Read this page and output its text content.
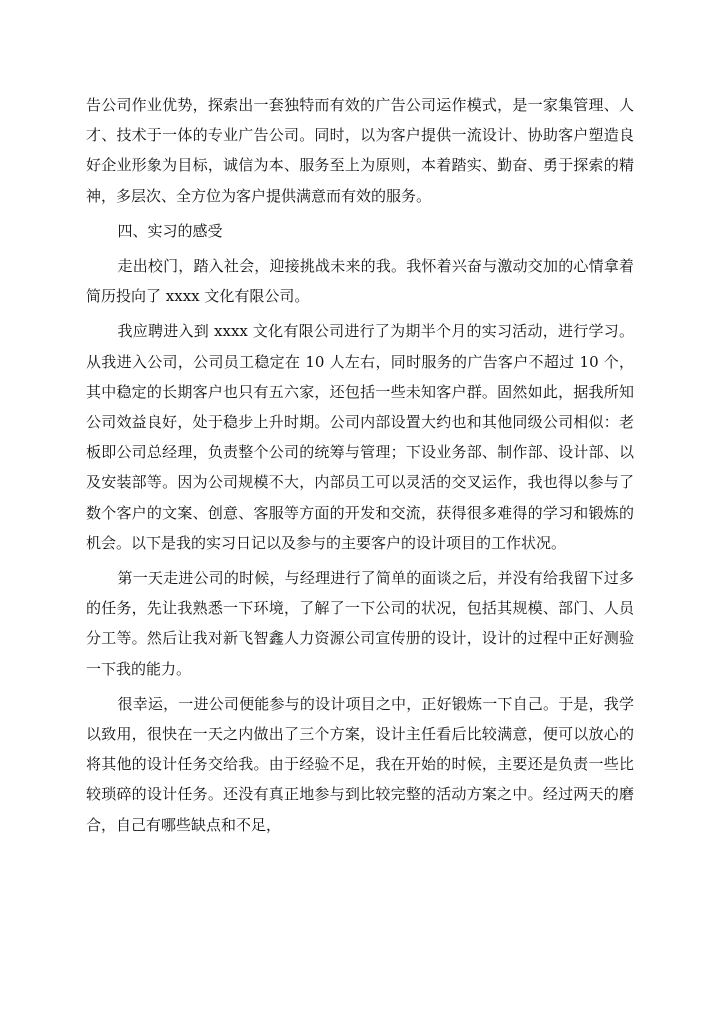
告公司作业优势，探索出一套独特而有效的广告公司运作模式，是一家集管理、人才、技术于一体的专业广告公司。同时，以为客户提供一流设计、协助客户塑造良好企业形象为目标，诚信为本、服务至上为原则，本着踏实、勤奋、勇于探索的精神，多层次、全方位为客户提供满意而有效的服务。

四、实习的感受

走出校门，踏入社会，迎接挑战未来的我。我怀着兴奋与激动交加的心情拿着简历投向了 xxxx 文化有限公司。

我应聘进入到 xxxx 文化有限公司进行了为期半个月的实习活动，进行学习。从我进入公司，公司员工稳定在 10 人左右，同时服务的广告客户不超过 10 个，其中稳定的长期客户也只有五六家，还包括一些未知客户群。固然如此，据我所知公司效益良好，处于稳步上升时期。公司内部设置大约也和其他同级公司相似：老板即公司总经理，负责整个公司的统筹与管理；下设业务部、制作部、设计部、以及安装部等。因为公司规模不大，内部员工可以灵活的交叉运作，我也得以参与了数个客户的文案、创意、客服等方面的开发和交流，获得很多难得的学习和锻炼的机会。以下是我的实习日记以及参与的主要客户的设计项目的工作状况。

第一天走进公司的时候，与经理进行了简单的面谈之后，并没有给我留下过多的任务，先让我熟悉一下环境，了解了一下公司的状况，包括其规模、部门、人员分工等。然后让我对新飞智鑫人力资源公司宣传册的设计，设计的过程中正好测验一下我的能力。

很幸运，一进公司便能参与的设计项目之中，正好锻炼一下自己。于是，我学以致用，很快在一天之内做出了三个方案，设计主任看后比较满意，便可以放心的将其他的设计任务交给我。由于经验不足，我在开始的时候，主要还是负责一些比较琐碎的设计任务。还没有真正地参与到比较完整的活动方案之中。经过两天的磨合，自己有哪些缺点和不足，
